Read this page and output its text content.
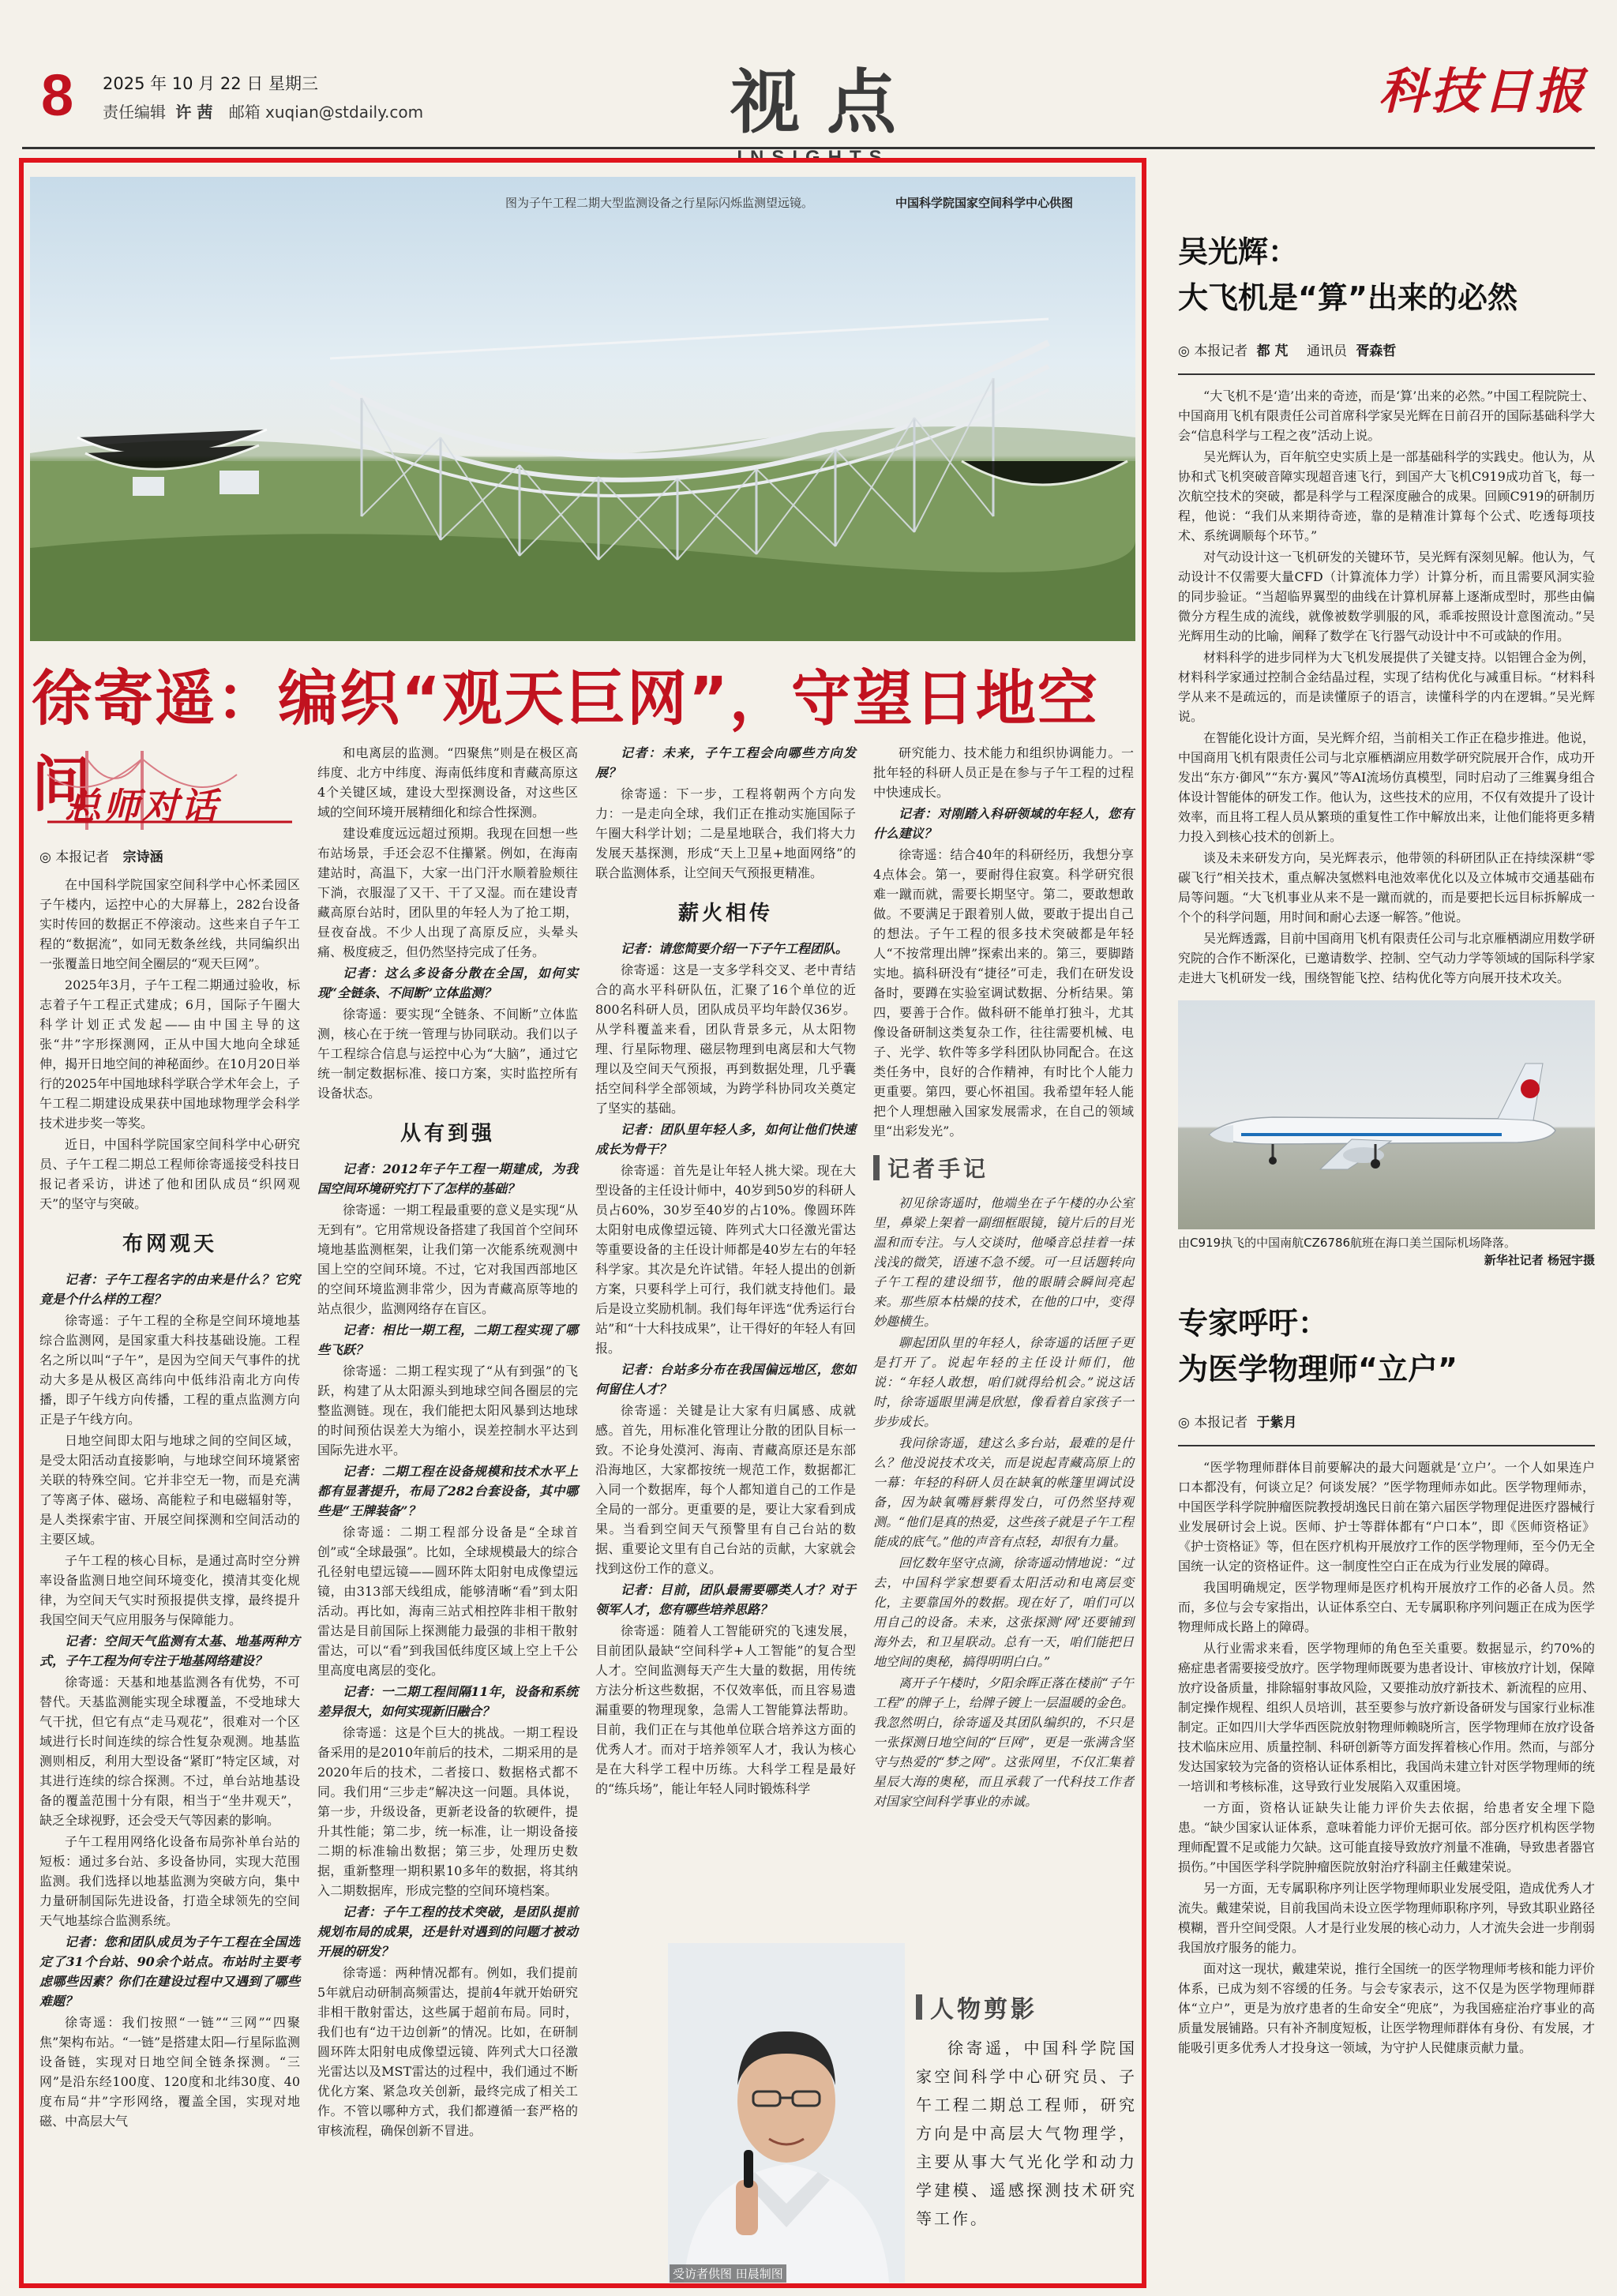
8 2025 年 10 月 22 日 星期三
责任编辑 许 茜 邮箱 xuqian@stdaily.com	视点	科技日报
图为子午工程二期大型监测设备之行星际闪烁监测望远镜。	中国科学院国家空间科学中心供图
徐寄遥：编织“观天巨网”，守望日地空间
总师对话
◎ 本报记者 宗诗涵

在中国科学院国家空间科学中心怀柔园区子午楼内，运控中心的大屏幕上，282台设备实时传回的数据正不停滚动。这些来自子午工程的“数据流”，如同无数条丝线，共同编织出一张覆盖日地空间全圈层的“观天巨网”。

2025年3月，子午工程二期通过验收，标志着子午工程正式建成；6月，国际子午圈大科学计划正式发起——由中国主导的这张“井”字形探测网，正从中国大地向全球延伸，揭开日地空间的神秘面纱。在10月20日举行的2025年中国地球科学联合学术年会上，子午工程二期建设成果获中国地球物理学会科学技术进步奖一等奖。

近日，中国科学院国家空间科学中心研究员、子午工程二期总工程师徐寄遥接受科技日报记者采访，讲述了他和团队成员“织网观天”的坚守与突破。

布网观天

记者：子午工程名字的由来是什么？它究竟是个什么样的工程？

徐寄遥：子午工程的全称是空间环境地基综合监测网，是国家重大科技基础设施。工程名之所以叫“子午”，是因为空间天气事件的扰动大多是从极区高纬向中低纬沿南北方向传播，即子午线方向传播，工程的重点监测方向正是子午线方向。

日地空间即太阳与地球之间的空间区域，是受太阳活动直接影响，与地球空间环境紧密关联的特殊空间。它并非空无一物，而是充满了等离子体、磁场、高能粒子和电磁辐射等，是人类探索宇宙、开展空间探测和空间活动的主要区域。

子午工程的核心目标，是通过高时空分辨率设备监测日地空间环境变化，摸清其变化规律，为空间天气实时预报提供支撑，最终提升我国空间天气应用服务与保障能力。

记者：空间天气监测有太基、地基两种方式，子午工程为何专注于地基网络建设？

徐寄遥：天基和地基监测各有优势，不可替代。天基监测能实现全球覆盖，不受地球大气干扰，但它有点“走马观花”，很难对一个区域进行长时间连续的综合性复杂观测。地基监测则相反，利用大型设备“紧盯”特定区域，对其进行连续的综合探测。不过，单台站地基设备的覆盖范围十分有限，相当于“坐井观天”，缺乏全球视野，还会受天气等因素的影响。

子午工程用网络化设备布局弥补单台站的短板：通过多台站、多设备协同，实现大范围监测。我们选择以地基监测为突破方向，集中力量研制国际先进设备，打造全球领先的空间天气地基综合监测系统。

记者：您和团队成员为子午工程在全国选定了31个台站、90余个站点。布站时主要考虑哪些因素？你们在建设过程中又遇到了哪些难题？

徐寄遥：我们按照“一链”“三网”“四聚焦”架构布站。“一链”是搭建太阳—行星际监测设备链，实现对日地空间全链条探测。“三网”是沿东经100度、120度和北纬30度、40度布局“井”字形网络，覆盖全国，实现对地磁、中高层大气

和电离层的监测。“四聚焦”则是在极区高纬度、北方中纬度、海南低纬度和青藏高原这4个关键区域，建设大型探测设备，对这些区域的空间环境开展精细化和综合性探测。

建设难度远远超过预期。我现在回想一些布站场景，手还会忍不住攥紧。例如，在海南建站时，高温下，大家一出门汗水顺着脸颊往下淌，衣服湿了又干、干了又湿。而在建设青藏高原台站时，团队里的年轻人为了抢工期，昼夜奋战。不少人出现了高原反应，头晕头痛、极度疲乏，但仍然坚持完成了任务。

记者：这么多设备分散在全国，如何实现“全链条、不间断”立体监测？

徐寄遥：要实现“全链条、不间断”立体监测，核心在于统一管理与协同联动。我们以子午工程综合信息与运控中心为“大脑”，通过它统一制定数据标准、接口方案，实时监控所有设备状态。

从有到强

记者：2012年子午工程一期建成，为我国空间环境研究打下了怎样的基础？

徐寄遥：一期工程最重要的意义是实现“从无到有”。它用常规设备搭建了我国首个空间环境地基监测框架，让我们第一次能系统观测中国上空的空间环境。不过，它对我国西部地区的空间环境监测非常少，因为青藏高原等地的站点很少，监测网络存在盲区。

记者：相比一期工程，二期工程实现了哪些飞跃？

徐寄遥：二期工程实现了“从有到强”的飞跃，构建了从太阳源头到地球空间各圈层的完整监测链。现在，我们能把太阳风暴到达地球的时间预估误差大为缩小，误差控制水平达到国际先进水平。

记者：二期工程在设备规模和技术水平上都有显著提升，布局了282台套设备，其中哪些是“王牌装备”？

徐寄遥：二期工程部分设备是“全球首创”或“全球最强”。比如，全球规模最大的综合孔径射电望远镜——圆环阵太阳射电成像望远镜，由313部天线组成，能够清晰“看”到太阳活动。再比如，海南三站式相控阵非相干散射雷达是目前国际上探测能力最强的非相干散射雷达，可以“看”到我国低纬度区域上空上千公里高度电离层的变化。

记者：一二期工程间隔11年，设备和系统差异很大，如何实现新旧融合？

徐寄遥：这是个巨大的挑战。一期工程设备采用的是2010年前后的技术，二期采用的是2020年后的技术，二者接口、数据格式都不同。我们用“三步走”解决这一问题。具体说，第一步，升级设备，更新老设备的软硬件，提升其性能；第二步，统一标准，让一期设备接二期的标准输出数据；第三步，处理历史数据，重新整理一期积累10多年的数据，将其纳入二期数据库，形成完整的空间环境档案。

记者：子午工程的技术突破，是团队提前规划布局的成果，还是针对遇到的问题才被动开展的研发？

徐寄遥：两种情况都有。例如，我们提前5年就启动研制高频雷达，提前4年就开始研究非相干散射雷达，这些属于超前布局。同时，我们也有“边干边创新”的情况。比如，在研制圆环阵太阳射电成像望远镜、阵列式大口径激光雷达以及MST雷达的过程中，我们通过不断优化方案、紧急攻关创新，最终完成了相关工作。不管以哪种方式，我们都遵循一套严格的审核流程，确保创新不冒进。

记者：未来，子午工程会向哪些方向发展？

徐寄遥：下一步，工程将朝两个方向发力：一是走向全球，我们正在推动实施国际子午圈大科学计划；二是星地联合，我们将大力发展天基探测，形成“天上卫星+地面网络”的联合监测体系，让空间天气预报更精准。

薪火相传

记者：请您简要介绍一下子午工程团队。

徐寄遥：这是一支多学科交叉、老中青结合的高水平科研队伍，汇聚了16个单位的近800名科研人员，团队成员平均年龄仅36岁。从学科覆盖来看，团队背景多元，从太阳物理、行星际物理、磁层物理到电离层和大气物理以及空间天气预报，再到数据处理，几乎囊括空间科学全部领域，为跨学科协同攻关奠定了坚实的基础。

记者：团队里年轻人多，如何让他们快速成长为骨干？

徐寄遥：首先是让年轻人挑大梁。现在大型设备的主任设计师中，40岁到50岁的科研人员占60%，30岁至40岁的占10%。像圆环阵太阳射电成像望远镜、阵列式大口径激光雷达等重要设备的主任设计师都是40岁左右的年轻科学家。其次是允许试错。年轻人提出的创新方案，只要科学上可行，我们就支持他们。最后是设立奖励机制。我们每年评选“优秀运行台站”和“十大科技成果”，让干得好的年轻人有回报。

记者：台站多分布在我国偏远地区，您如何留住人才？

徐寄遥：关键是让大家有归属感、成就感。首先，用标准化管理让分散的团队目标一致。不论身处漠河、海南、青藏高原还是东部沿海地区，大家都按统一规范工作，数据都汇入同一个数据库，每个人都知道自己的工作是全局的一部分。更重要的是，要让大家看到成果。当看到空间天气预警里有自己台站的数据、重要论文里有自己台站的贡献，大家就会找到这份工作的意义。

记者：目前，团队最需要哪类人才？对于领军人才，您有哪些培养思路？

徐寄遥：随着人工智能研究的飞速发展，目前团队最缺“空间科学+人工智能”的复合型人才。空间监测每天产生大量的数据，用传统方法分析这些数据，不仅效率低，而且容易遗漏重要的物理现象，急需人工智能算法帮助。目前，我们正在与其他单位联合培养这方面的优秀人才。而对于培养领军人才，我认为核心是在大科学工程中历练。大科学工程是最好的“练兵场”，能让年轻人同时锻炼科学

研究能力、技术能力和组织协调能力。一批年轻的科研人员正是在参与子午工程的过程中快速成长。

记者：对刚踏入科研领域的年轻人，您有什么建议？

徐寄遥：结合40年的科研经历，我想分享4点体会。第一，要耐得住寂寞。科学研究很难一蹴而就，需要长期坚守。第二，要敢想敢做。不要满足于跟着别人做，要敢于提出自己的想法。子午工程的很多技术突破都是年轻人“不按常理出牌”探索出来的。第三，要脚踏实地。搞科研没有“捷径”可走，我们在研发设备时，要蹲在实验室调试数据、分析结果。第四，要善于合作。做科研不能单打独斗，尤其像设备研制这类复杂工作，往往需要机械、电子、光学、软件等多学科团队协同配合。在这类任务中，良好的合作精神，有时比个人能力更重要。第四，要心怀祖国。我希望年轻人能把个人理想融入国家发展需求，在自己的领域里“出彩发光”。

记者手记

初见徐寄遥时，他端坐在子午楼的办公室里，鼻梁上架着一副细框眼镜，镜片后的目光温和而专注。与人交谈时，他嗓音总挂着一抹浅浅的微笑，语速不急不缓。可一旦话题转向子午工程的建设细节，他的眼睛会瞬间亮起来。那些原本枯燥的技术，在他的口中，变得妙趣横生。

聊起团队里的年轻人，徐寄遥的话匣子更是打开了。说起年轻的主任设计师们，他说：“年轻人敢想，咱们就得给机会。”说这话时，徐寄遥眼里满是欣慰，像看着自家孩子一步步成长。

我问徐寄遥，建这么多台站，最难的是什么？他没说技术攻关，而是说起青藏高原上的一幕：年轻的科研人员在缺氧的帐篷里调试设备，因为缺氧嘴唇紫得发白，可仍然坚持观测。“他们是真的热爱，这些孩子就是子午工程能成的底气。”他的声音有点轻，却很有力量。

回忆数年坚守点滴，徐寄遥动情地说：“过去，中国科学家想要看太阳活动和电离层变化，主要靠国外的数据。现在好了，咱们可以用自己的设备。未来，这张探测‘网’还要铺到海外去，和卫星联动。总有一天，咱们能把日地空间的奥秘，搞得明明白白。”

离开子午楼时，夕阳余晖正落在楼前“子午工程”的牌子上，给牌子镀上一层温暖的金色。我忽然明白，徐寄遥及其团队编织的，不只是一张探测日地空间的“巨网”，更是一张满含坚守与热爱的“梦之网”。这张网里，不仅汇集着星辰大海的奥秘，而且承载了一代科技工作者对国家空间科学事业的赤诚。

受访者供图 田晨制图
人物剪影
徐寄遥，中国科学院国家空间科学中心研究员、子午工程二期总工程师，研究方向是中高层大气物理学，主要从事大气光化学和动力学建模、遥感探测技术研究等工作。
吴光辉：
大飞机是“算”出来的必然
◎ 本报记者 都 芃 通讯员 胥森哲

“大飞机不是‘造’出来的奇迹，而是‘算’出来的必然。”中国工程院院士、中国商用飞机有限责任公司首席科学家吴光辉在日前召开的国际基础科学大会“信息科学与工程之夜”活动上说。

吴光辉认为，百年航空史实质上是一部基础科学的实践史。他认为，从协和式飞机突破音障实现超音速飞行，到国产大飞机C919成功首飞，每一次航空技术的突破，都是科学与工程深度融合的成果。回顾C919的研制历程，他说：“我们从来期待奇迹，靠的是精准计算每个公式、吃透每项技术、系统调顺每个环节。”

对气动设计这一飞机研发的关键环节，吴光辉有深刻见解。他认为，气动设计不仅需要大量CFD（计算流体力学）计算分析，而且需要风洞实验的同步验证。“当超临界翼型的曲线在计算机屏幕上逐渐成型时，那些由偏微分方程生成的流线，就像被数学驯服的风，乖乖按照设计意图流动。”吴光辉用生动的比喻，阐释了数学在飞行器气动设计中不可或缺的作用。

材料科学的进步同样为大飞机发展提供了关键支持。以铝锂合金为例，材料科学家通过控制合金结晶过程，实现了结构优化与减重目标。“材料科学从来不是疏远的，而是读懂原子的语言，读懂科学的内在逻辑。”吴光辉说。

在智能化设计方面，吴光辉介绍，当前相关工作正在稳步推进。他说，中国商用飞机有限责任公司与北京雁栖湖应用数学研究院展开合作，成功开发出“东方·御风”“东方·翼风”等AI流场仿真模型，同时启动了三维翼身组合体设计智能体的研发工作。他认为，这些技术的应用，不仅有效提升了设计效率，而且将工程人员从繁琐的重复性工作中解放出来，让他们能将更多精力投入到核心技术的创新上。

谈及未来研发方向，吴光辉表示，他带领的科研团队正在持续深耕“零碳飞行”相关技术，重点解决氢燃料电池效率优化以及立体城市交通基础布局等问题。“大飞机事业从来不是一蹴而就的，而是要把长远目标拆解成一个个的科学问题，用时间和耐心去逐一解答。”他说。

吴光辉透露，目前中国商用飞机有限责任公司与北京雁栖湖应用数学研究院的合作不断深化，已邀请数学、控制、空气动力学等领域的国际科学家走进大飞机研发一线，围绕智能飞控、结构优化等方向展开技术攻关。

由C919执飞的中国南航CZ6786航班在海口美兰国际机场降落。
新华社记者 杨冠宇摄
专家呼吁：
为医学物理师“立户”
◎ 本报记者 于紫月

“医学物理师群体目前要解决的最大问题就是‘立户’。一个人如果连户口本都没有，何谈立足？何谈发展？”医学物理师赤如此。医学物理师赤，中国医学科学院肿瘤医院教授胡逸民日前在第六届医学物理促进医疗器械行业发展研讨会上说。医师、护士等群体都有“户口本”，即《医师资格证》《护士资格证》等，但在医疗机构开展放疗工作的医学物理师，至今仍无全国统一认定的资格证件。这一制度性空白正在成为行业发展的障碍。

我国明确规定，医学物理师是医疗机构开展放疗工作的必备人员。然而，多位与会专家指出，认证体系空白、无专属职称序列问题正在成为医学物理师成长路上的障碍。

从行业需求来看，医学物理师的角色至关重要。数据显示，约70%的癌症患者需要接受放疗。医学物理师既要为患者设计、审核放疗计划，保障放疗设备质量，排除辐射事故风险，又要推动放疗新技术、新流程的应用、制定操作规程、组织人员培训，甚至要参与放疗新设备研发与国家行业标准制定。正如四川大学华西医院放射物理师赖晓所言，医学物理师在放疗设备技术临床应用、质量控制、科研创新等方面发挥着核心作用。然而，与部分发达国家较为完备的资格认证体系相比，我国尚未建立针对医学物理师的统一培训和考核标准，这导致行业发展陷入双重困境。

一方面，资格认证缺失让能力评价失去依据，给患者安全埋下隐患。“缺少国家认证体系，意味着能力评价无据可依。部分医疗机构医学物理师配置不足或能力欠缺。这可能直接导致放疗剂量不准确，导致患者器官损伤。”中国医学科学院肿瘤医院放射治疗科副主任戴建荣说。

另一方面，无专属职称序列让医学物理师职业发展受阻，造成优秀人才流失。戴建荣说，目前我国尚未设立医学物理师职称序列，导致其职业路径模糊，晋升空间受限。人才是行业发展的核心动力，人才流失会进一步削弱我国放疗服务的能力。

面对这一现状，戴建荣说，推行全国统一的医学物理师考核和能力评价体系，已成为刻不容缓的任务。与会专家表示，这不仅是为医学物理师群体“立户”，更是为放疗患者的生命安全“兜底”，为我国癌症治疗事业的高质量发展铺路。只有补齐制度短板，让医学物理师群体有身份、有发展，才能吸引更多优秀人才投身这一领域，为守护人民健康贡献力量。
